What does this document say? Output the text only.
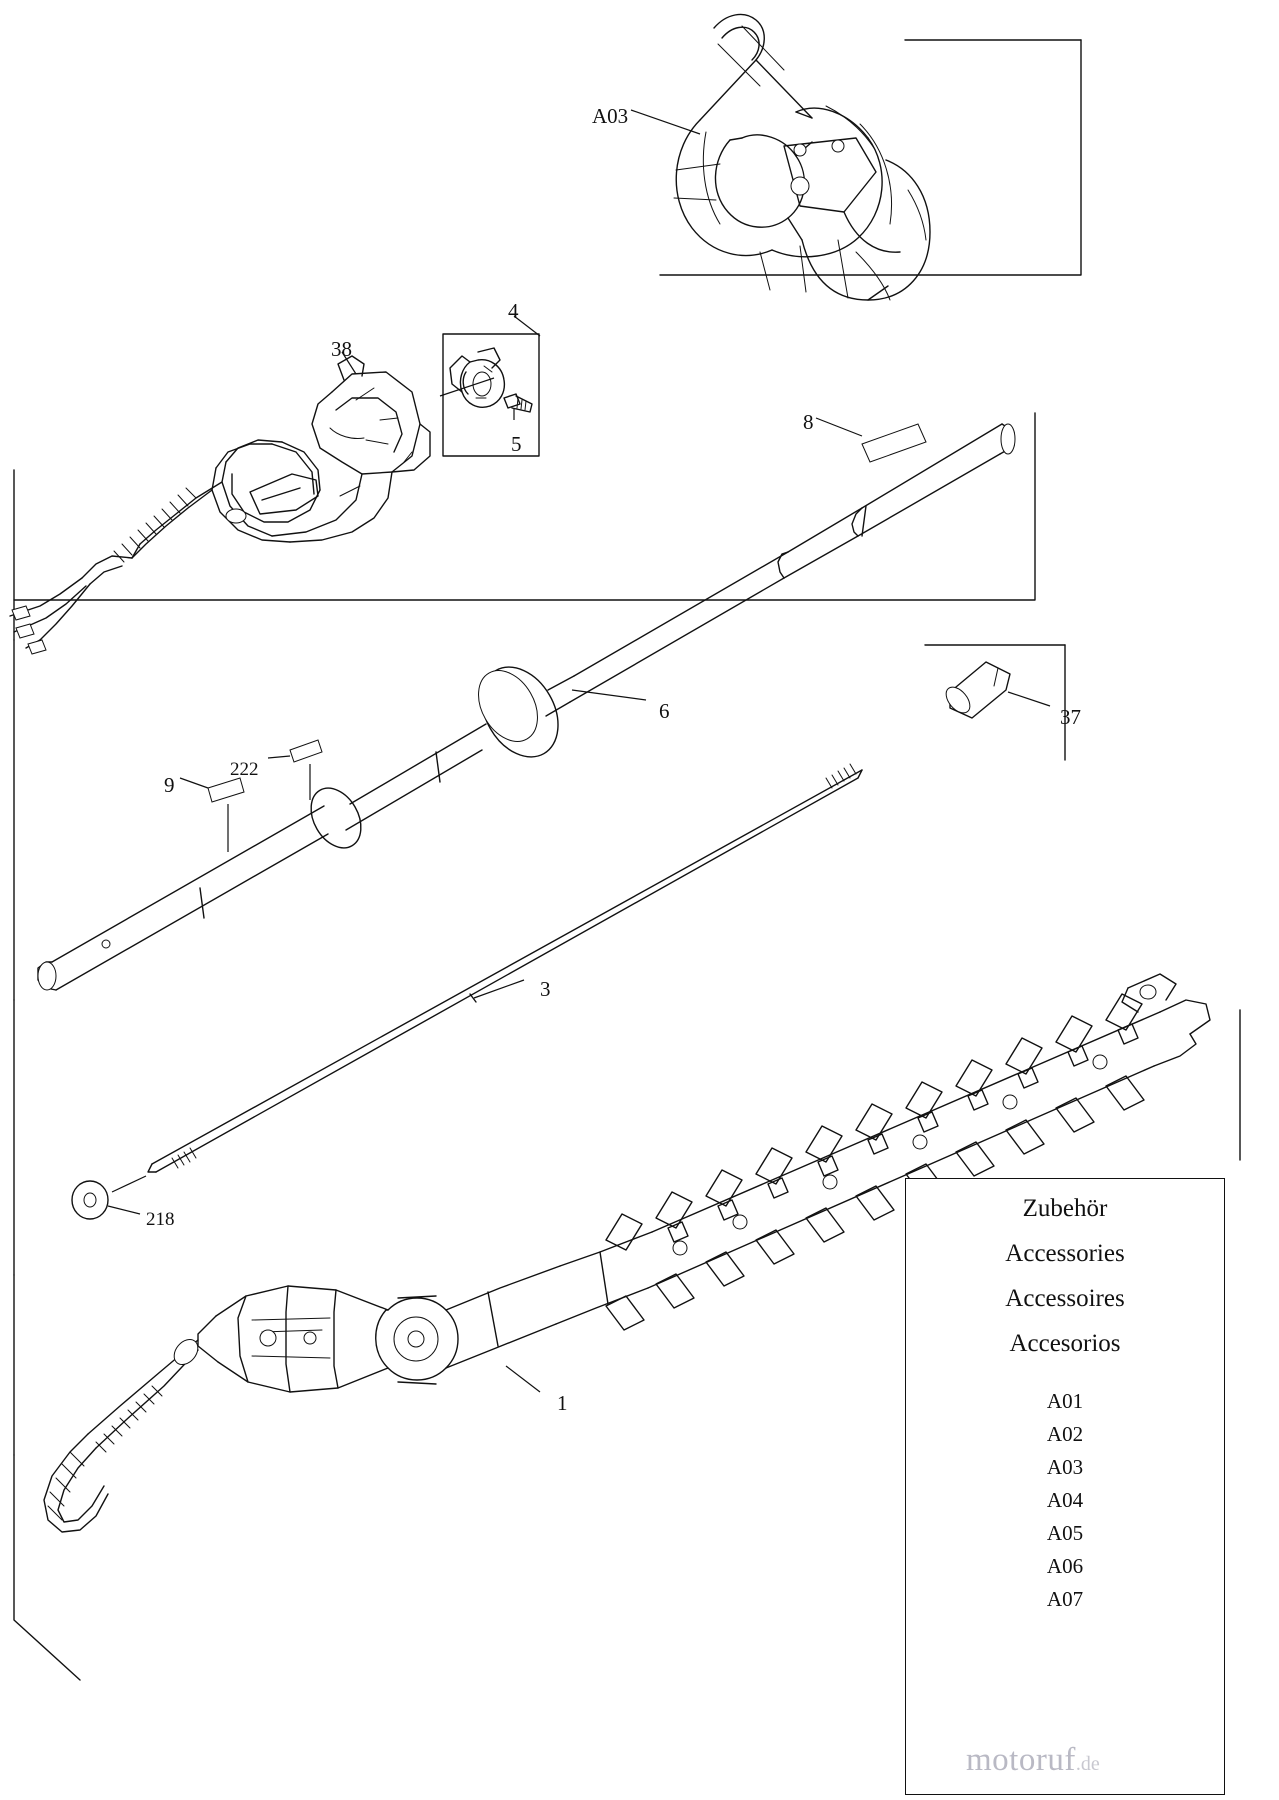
A03
38
4
5
8
6	37
222
9
3
218
1
Zubehör
Accessories
Accessoires
Accesorios
A01
A02
A03
A04
A05
A06
A07
motoruf.de
